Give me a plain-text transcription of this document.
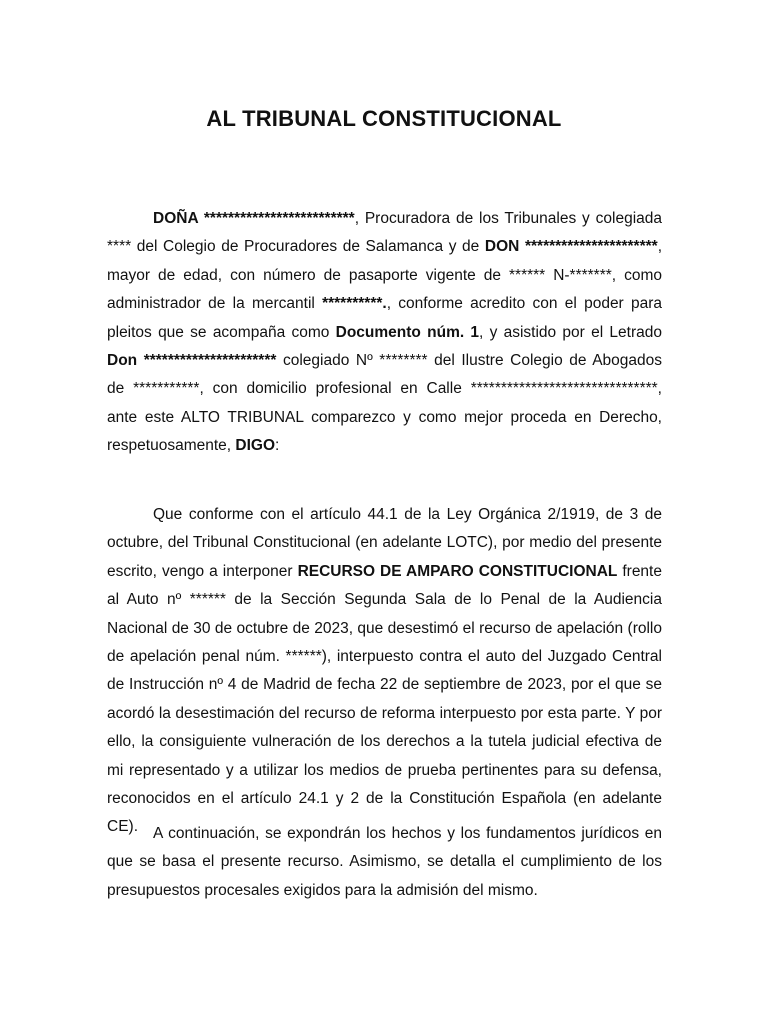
AL TRIBUNAL CONSTITUCIONAL

DOÑA *************************, Procuradora de los Tribunales y colegiada **** del Colegio de Procuradores de Salamanca y de DON **********************, mayor de edad, con número de pasaporte vigente de ****** N-*******, como administrador de la mercantil **********., conforme acredito con el poder para pleitos que se acompaña como Documento núm. 1, y asistido por el Letrado Don ********************** colegiado Nº ******** del Ilustre Colegio de Abogados de ***********, con domicilio profesional en Calle *******************************, ante este ALTO TRIBUNAL comparezco y como mejor proceda en Derecho, respetuosamente, DIGO:

Que conforme con el artículo 44.1 de la Ley Orgánica 2/1919, de 3 de octubre, del Tribunal Constitucional (en adelante LOTC), por medio del presente escrito, vengo a interponer RECURSO DE AMPARO CONSTITUCIONAL frente al Auto nº ****** de la Sección Segunda Sala de lo Penal de la Audiencia Nacional de 30 de octubre de 2023, que desestimó el recurso de apelación (rollo de apelación penal núm. ******), interpuesto contra el auto del Juzgado Central de Instrucción nº 4 de Madrid de fecha 22 de septiembre de 2023, por el que se acordó la desestimación del recurso de reforma interpuesto por esta parte. Y por ello, la consiguiente vulneración de los derechos a la tutela judicial efectiva de mi representado y a utilizar los medios de prueba pertinentes para su defensa, reconocidos en el artículo 24.1 y 2 de la Constitución Española (en adelante CE). A continuación, se expondrán los hechos y los fundamentos jurídicos en que se basa el presente recurso. Asimismo, se detalla el cumplimiento de los presupuestos procesales exigidos para la admisión del mismo.
